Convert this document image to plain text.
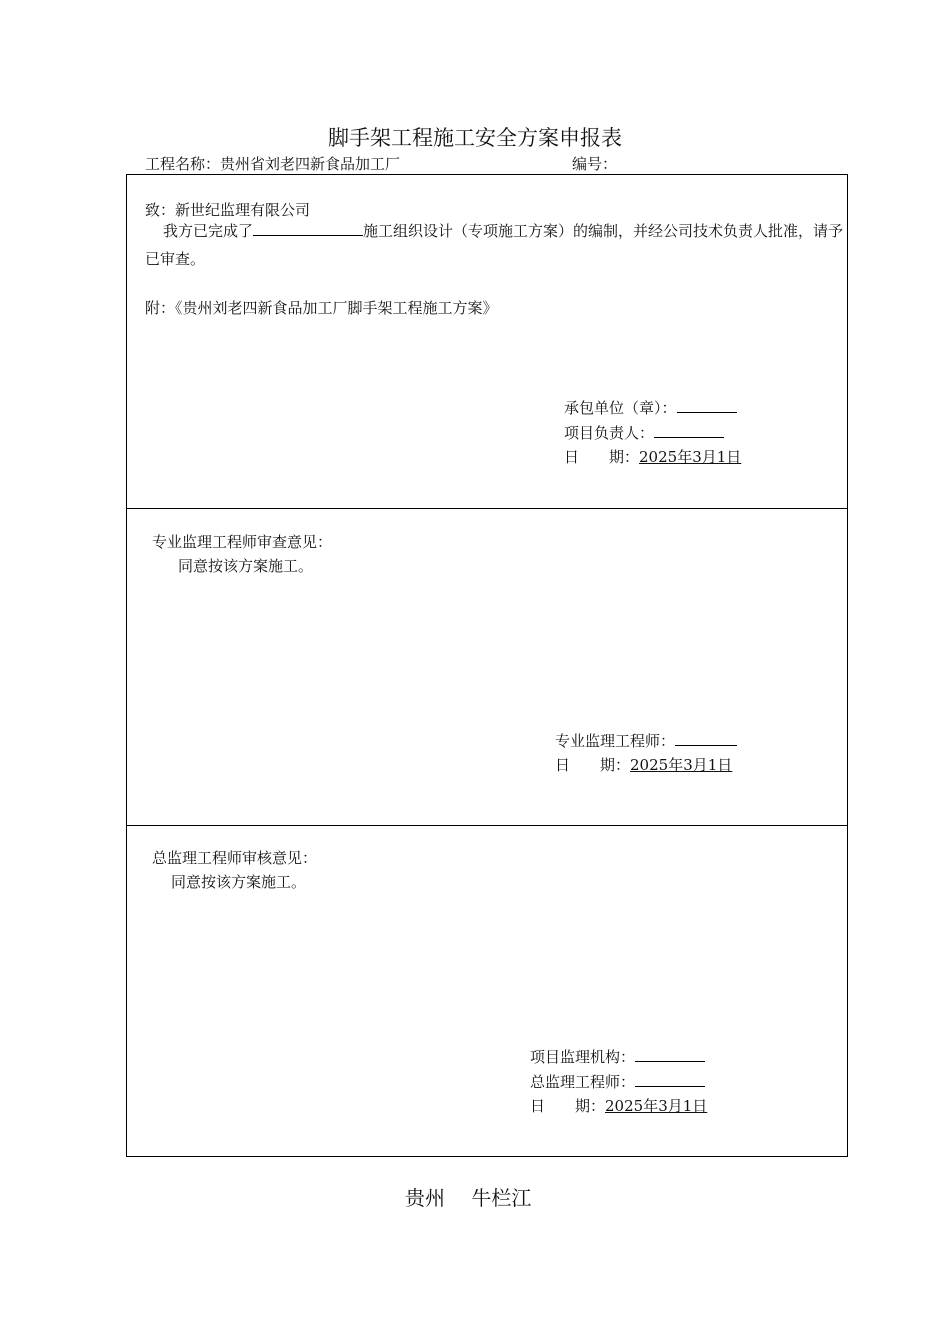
脚手架工程施工安全方案申报表
工程名称：贵州省刘老四新食品加工厂	编号：
致：新世纪监理有限公司
我方已完成了	施工组织设计（专项施工方案）的编制，并经公司技术负责人批准，请予已审查。
附：《贵州刘老四新食品加工厂脚手架工程施工方案》
承包单位（章）：
项目负责人：
日　　期：2025年3月1日
专业监理工程师审查意见：
同意按该方案施工。
专业监理工程师：
日　　期：2025年3月1日
总监理工程师审核意见：
同意按该方案施工。
项目监理机构：
总监理工程师：
日　　期：2025年3月1日
贵州　 牛栏江
